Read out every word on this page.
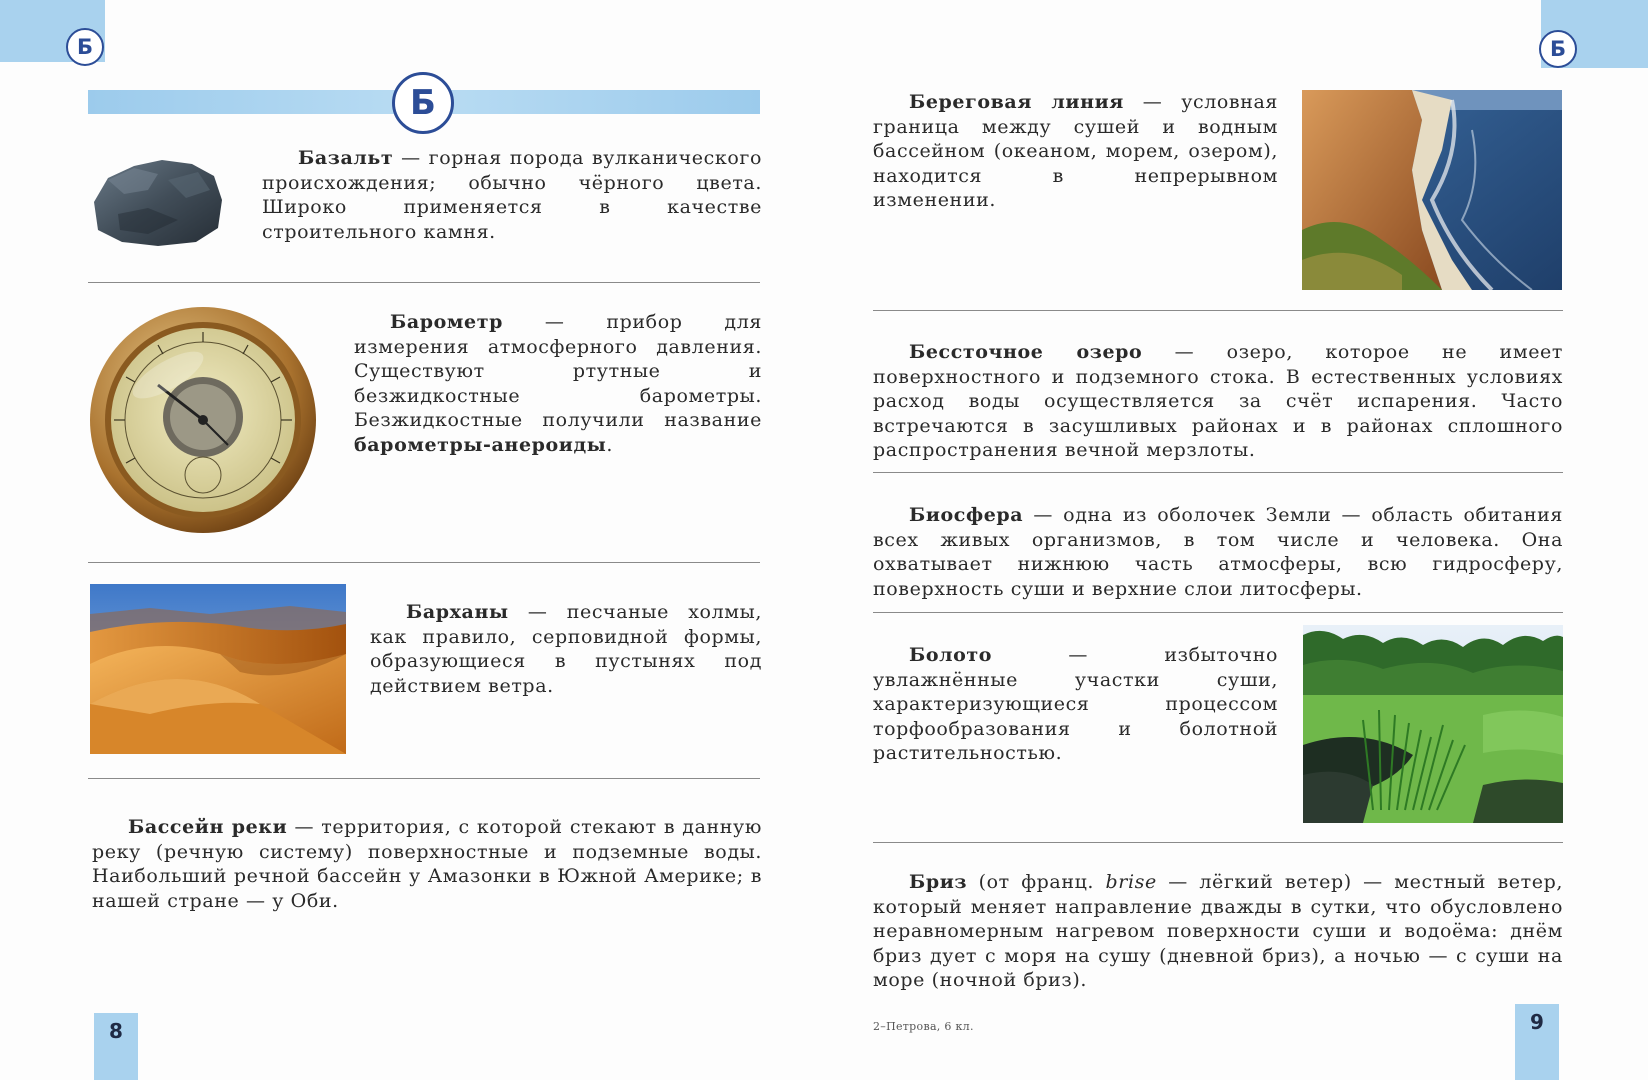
Б
Б
Базальт — горная порода вулканического происхождения; обычно чёрного цвета. Широко применяется в качестве строительного камня.
Барометр — прибор для измерения атмосферного давления. Существуют ртутные и безжидкостные барометры. Безжидкостные получили название барометры-анероиды.
Барханы — песчаные холмы, как правило, серповидной формы, образующиеся в пустынях под действием ветра.
Бассейн реки — территория, с которой стекают в данную реку (речную систему) поверхностные и подземные воды. Наибольший речной бассейн у Амазонки в Южной Америке; в нашей стране — у Оби.
8
Б
Береговая линия — условная граница между сушей и водным бассейном (океаном, морем, озером), находится в непрерывном изменении.
Бессточное озеро — озеро, которое не имеет поверхностного и подземного стока. В естественных условиях расход воды осуществляется за счёт испарения. Часто встречаются в засушливых районах и в районах сплошного распространения вечной мерзлоты.
Биосфера — одна из оболочек Земли — область обитания всех живых организмов, в том числе и человека. Она охватывает нижнюю часть атмосферы, всю гидросферу, поверхность суши и верхние слои литосферы.
Болото — избыточно увлажнённые участки суши, характеризующиеся процессом торфообразования и болотной растительностью.
Бриз (от франц. brise — лёгкий ветер) — местный ветер, который меняет направление дважды в сутки, что обусловлено неравномерным нагревом поверхности суши и водоёма: днём бриз дует с моря на сушу (дневной бриз), а ночью — с суши на море (ночной бриз).
2–Петрова, 6 кл.	9
